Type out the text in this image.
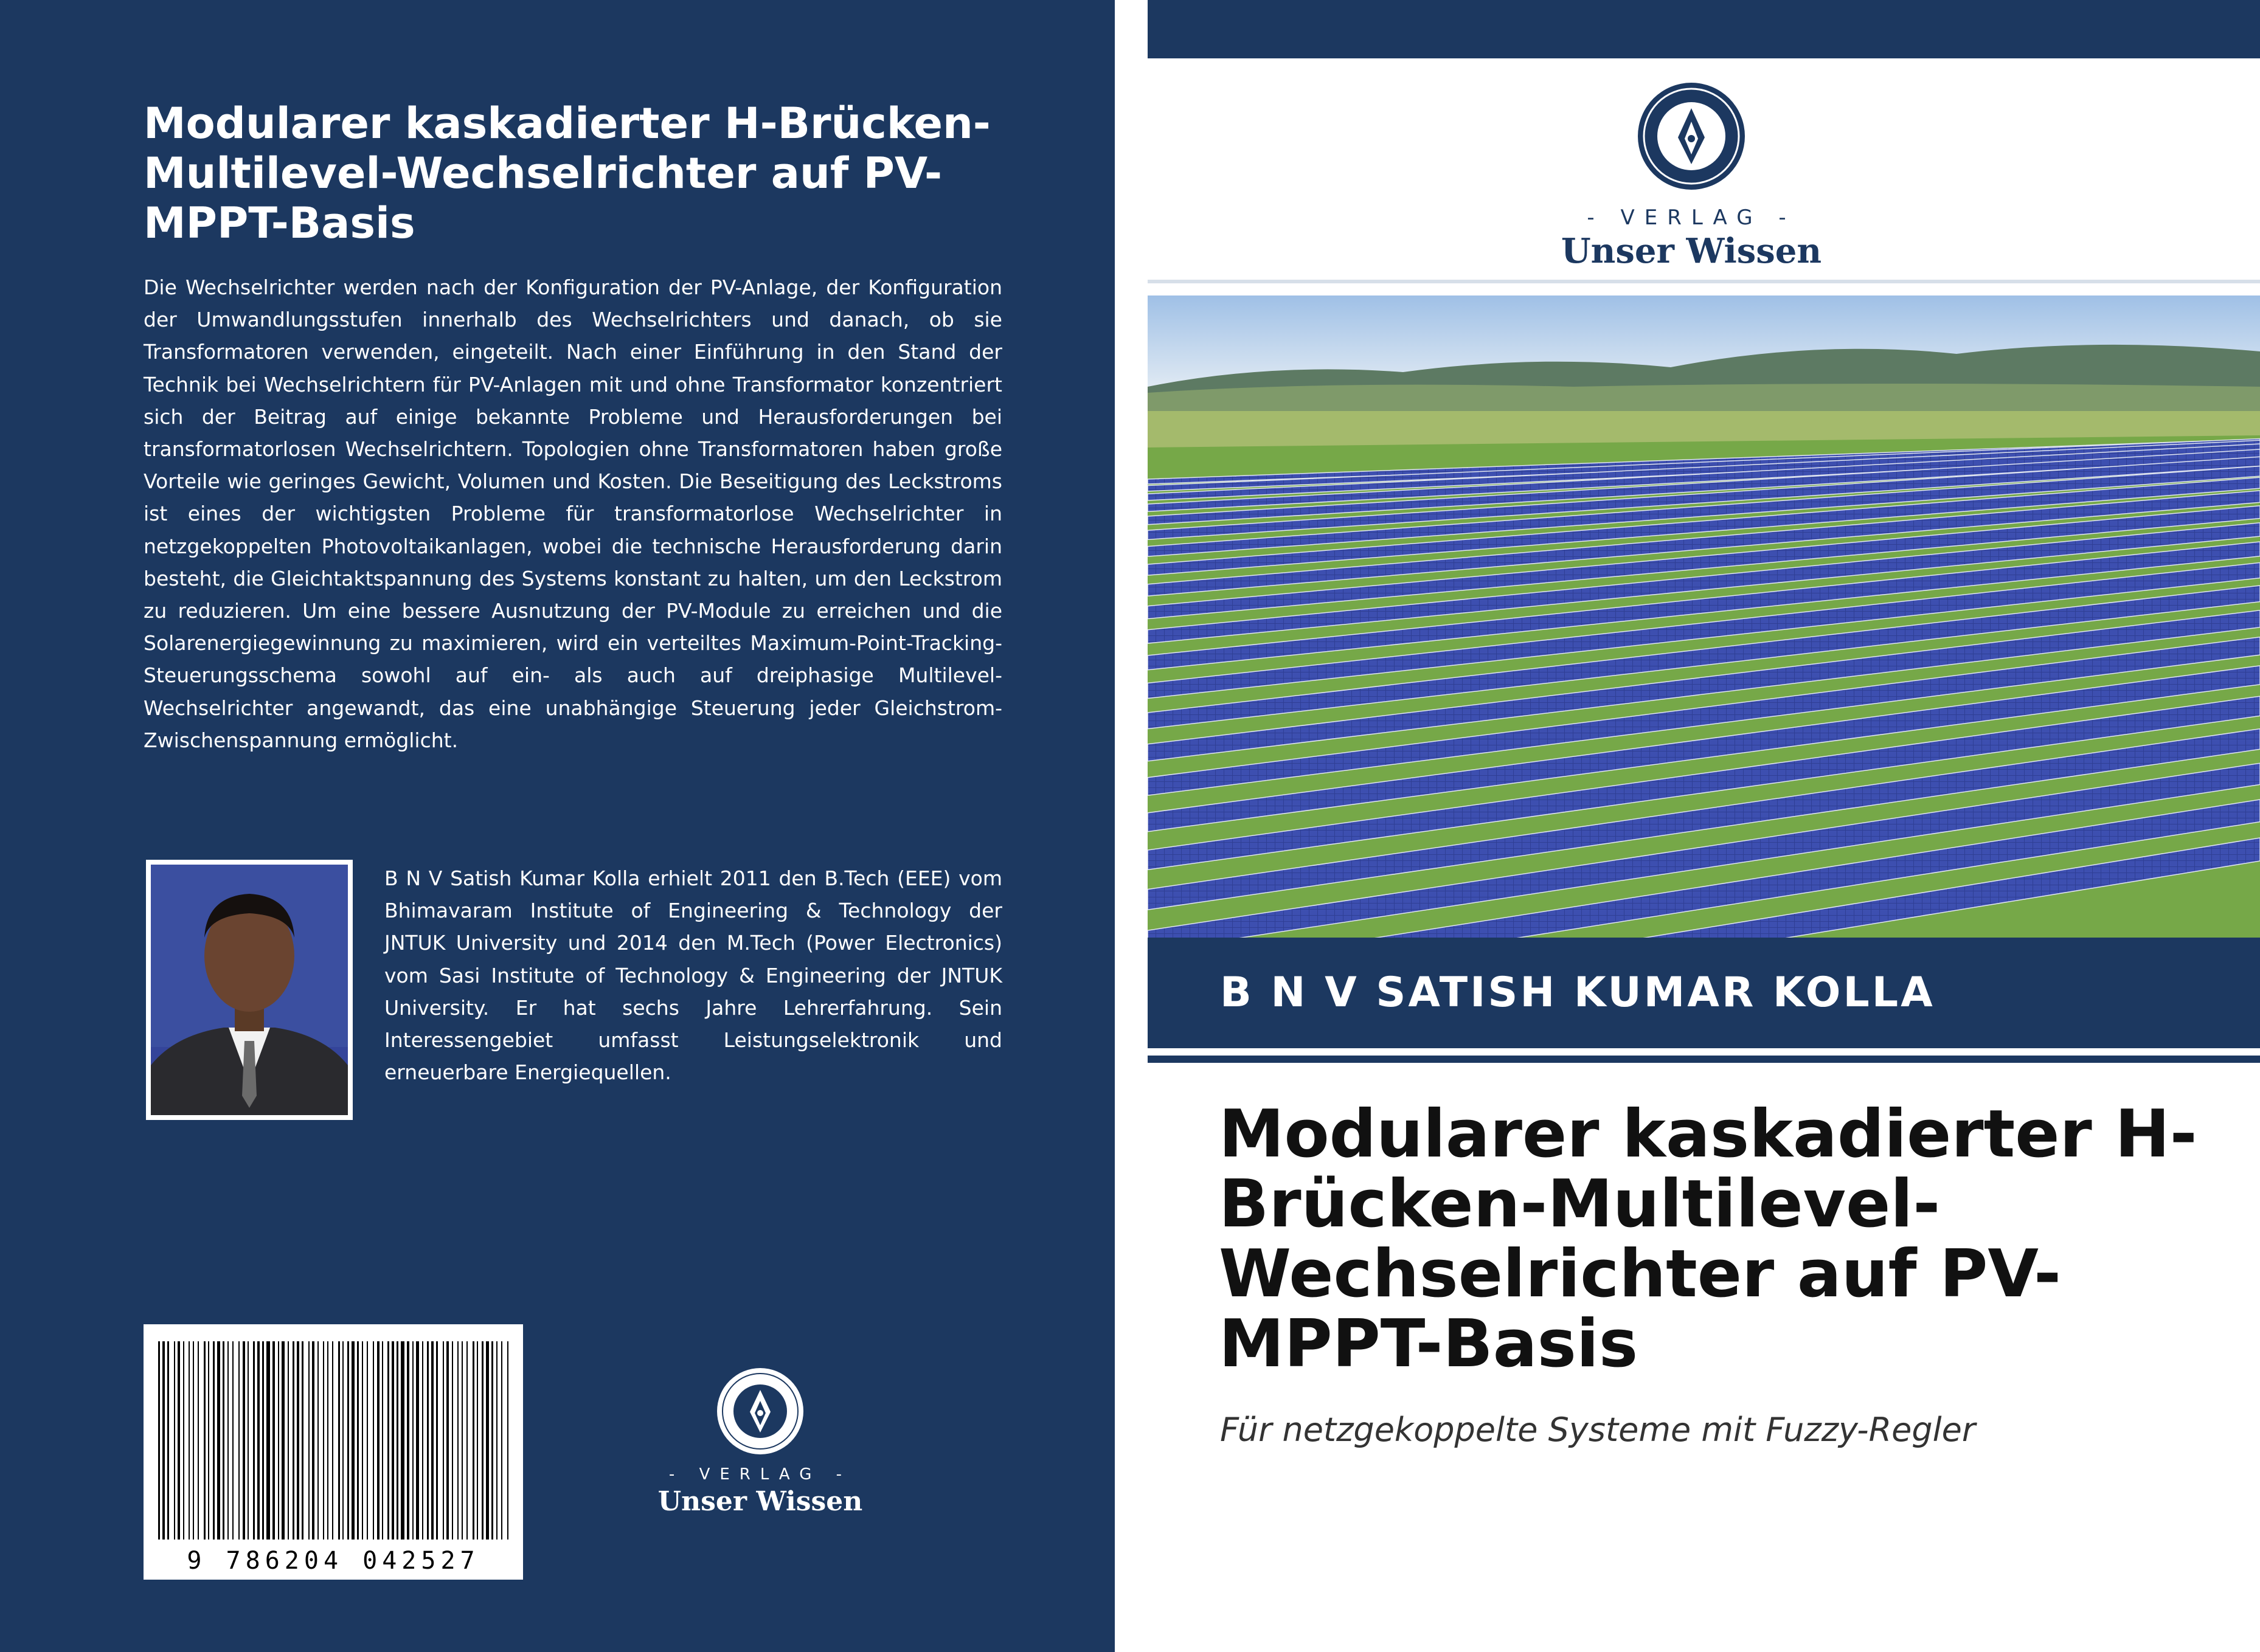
Modularer kaskadierter H-Brücken-Multilevel-Wechselrichter auf PV-MPPT-Basis

Die Wechselrichter werden nach der Konfiguration der PV-Anlage, der Konfiguration der Umwandlungsstufen innerhalb des Wechselrichters und danach, ob sie Transformatoren verwenden, eingeteilt. Nach einer Einführung in den Stand der Technik bei Wechselrichtern für PV-Anlagen mit und ohne Transformator konzentriert sich der Beitrag auf einige bekannte Probleme und Herausforderungen bei transformatorlosen Wechselrichtern. Topologien ohne Transformatoren haben große Vorteile wie geringes Gewicht, Volumen und Kosten. Die Beseitigung des Leckstroms ist eines der wichtigsten Probleme für transformatorlose Wechselrichter in netzgekoppelten Photovoltaikanlagen, wobei die technische Herausforderung darin besteht, die Gleichtaktspannung des Systems konstant zu halten, um den Leckstrom zu reduzieren. Um eine bessere Ausnutzung der PV-Module zu erreichen und die Solarenergiegewinnung zu maximieren, wird ein verteiltes Maximum-Point-Tracking-Steuerungsschema sowohl auf ein- als auch auf dreiphasige Multilevel-Wechselrichter angewandt, das eine unabhängige Steuerung jeder Gleichstrom-Zwischenspannung ermöglicht.

B N V Satish Kumar Kolla erhielt 2011 den B.Tech (EEE) vom Bhimavaram Institute of Engineering & Technology der JNTUK University und 2014 den M.Tech (Power Electronics) vom Sasi Institute of Technology & Engineering der JNTUK University. Er hat sechs Jahre Lehrerfahrung. Sein Interessengebiet umfasst Leistungselektronik und erneuerbare Energiequellen.

9 786204 042527
- VERLAG -
Unser Wissen
- VERLAG -
Unser Wissen
B N V SATISH KUMAR KOLLA
Modularer kaskadierter H-Brücken-Multilevel-Wechselrichter auf PV-MPPT-Basis

Für netzgekoppelte Systeme mit Fuzzy-Regler
